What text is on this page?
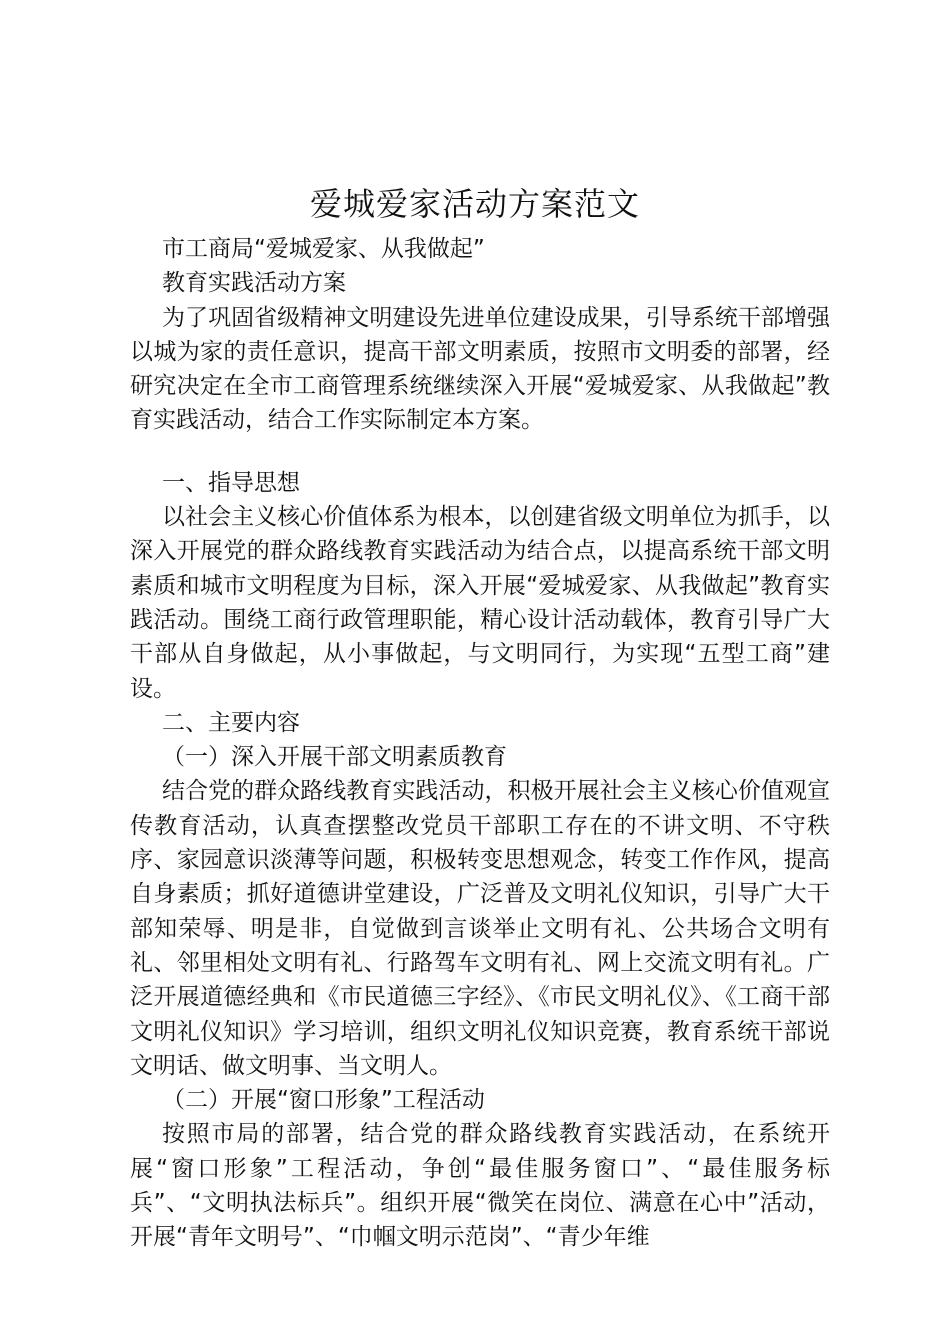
爱城爱家活动方案范文

市工商局“爱城爱家、从我做起”

教育实践活动方案

为了巩固省级精神文明建设先进单位建设成果，引导系统干部增强以城为家的责任意识，提高干部文明素质，按照市文明委的部署，经研究决定在全市工商管理系统继续深入开展“爱城爱家、从我做起”教育实践活动，结合工作实际制定本方案。

一、指导思想

以社会主义核心价值体系为根本，以创建省级文明单位为抓手，以深入开展党的群众路线教育实践活动为结合点，以提高系统干部文明素质和城市文明程度为目标，深入开展“爱城爱家、从我做起”教育实践活动。围绕工商行政管理职能，精心设计活动载体，教育引导广大干部从自身做起，从小事做起，与文明同行，为实现“五型工商”建设。

二、主要内容

（一）深入开展干部文明素质教育

结合党的群众路线教育实践活动，积极开展社会主义核心价值观宣传教育活动，认真查摆整改党员干部职工存在的不讲文明、不守秩序、家园意识淡薄等问题，积极转变思想观念，转变工作作风，提高自身素质；抓好道德讲堂建设，广泛普及文明礼仪知识，引导广大干部知荣辱、明是非，自觉做到言谈举止文明有礼、公共场合文明有礼、邻里相处文明有礼、行路驾车文明有礼、网上交流文明有礼。广泛开展道德经典和《市民道德三字经》、《市民文明礼仪》、《工商干部文明礼仪知识》学习培训，组织文明礼仪知识竞赛，教育系统干部说文明话、做文明事、当文明人。

（二）开展“窗口形象”工程活动

按照市局的部署，结合党的群众路线教育实践活动，在系统开展“窗口形象”工程活动，争创“最佳服务窗口”、“最佳服务标兵”、“文明执法标兵”。组织开展“微笑在岗位、满意在心中”活动，开展“青年文明号”、“巾帼文明示范岗”、“青少年维
